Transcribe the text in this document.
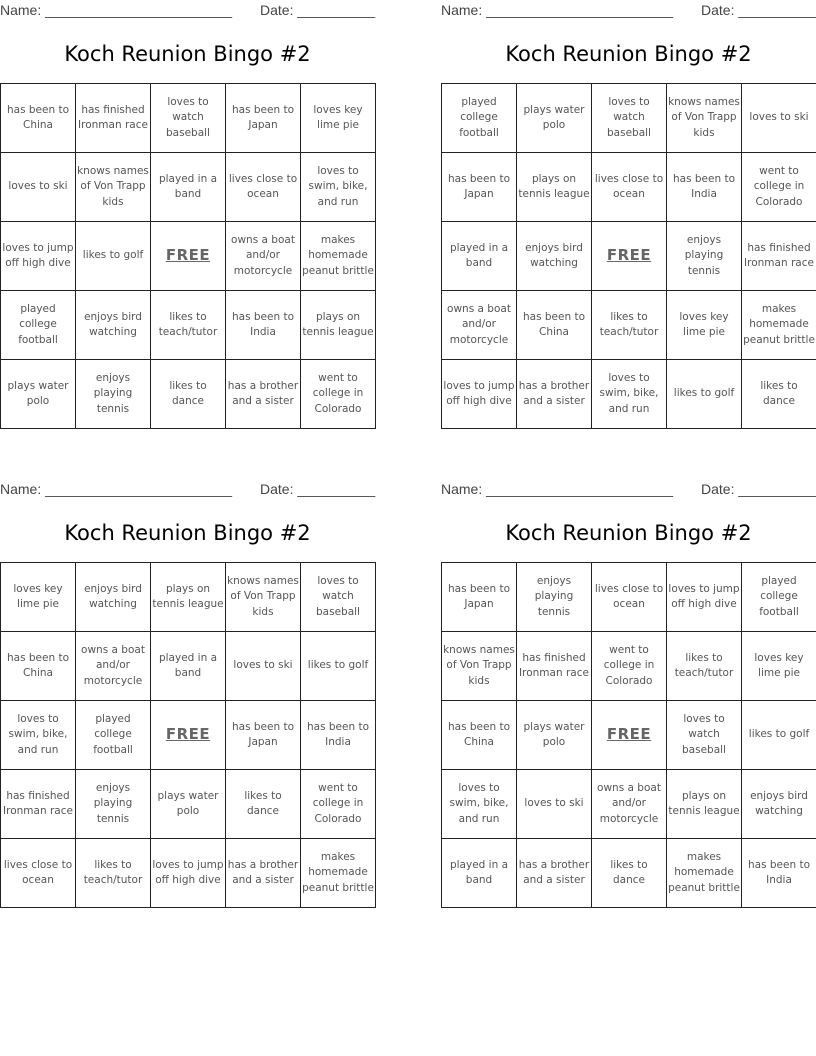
Name: ________________________ Date: __________
Koch Reunion Bingo #2
has been to China	has finished Ironman race	loves to watch baseball	has been to Japan	loves key lime pie
loves to ski	knows names of Von Trapp kids	played in a band	lives close to ocean	loves to swim, bike, and run
loves to jump off high dive	likes to golf	FREE	owns a boat and/or motorcycle	makes homemade peanut brittle
played college football	enjoys bird watching	likes to teach/tutor	has been to India	plays on tennis league
plays water polo	enjoys playing tennis	likes to dance	has a brother and a sister	went to college in Colorado
Name: ________________________ Date: __________
Koch Reunion Bingo #2
played college football	plays water polo	loves to watch baseball	knows names of Von Trapp kids	loves to ski
has been to Japan	plays on tennis league	lives close to ocean	has been to India	went to college in Colorado
played in a band	enjoys bird watching	FREE	enjoys playing tennis	has finished Ironman race
owns a boat and/or motorcycle	has been to China	likes to teach/tutor	loves key lime pie	makes homemade peanut brittle
loves to jump off high dive	has a brother and a sister	loves to swim, bike, and run	likes to golf	likes to dance
Name: ________________________ Date: __________
Koch Reunion Bingo #2
loves key lime pie	enjoys bird watching	plays on tennis league	knows names of Von Trapp kids	loves to watch baseball
has been to China	owns a boat and/or motorcycle	played in a band	loves to ski	likes to golf
loves to swim, bike, and run	played college football	FREE	has been to Japan	has been to India
has finished Ironman race	enjoys playing tennis	plays water polo	likes to dance	went to college in Colorado
lives close to ocean	likes to teach/tutor	loves to jump off high dive	has a brother and a sister	makes homemade peanut brittle
Name: ________________________ Date: __________
Koch Reunion Bingo #2
has been to Japan	enjoys playing tennis	lives close to ocean	loves to jump off high dive	played college football
knows names of Von Trapp kids	has finished Ironman race	went to college in Colorado	likes to teach/tutor	loves key lime pie
has been to China	plays water polo	FREE	loves to watch baseball	likes to golf
loves to swim, bike, and run	loves to ski	owns a boat and/or motorcycle	plays on tennis league	enjoys bird watching
played in a band	has a brother and a sister	likes to dance	makes homemade peanut brittle	has been to India
